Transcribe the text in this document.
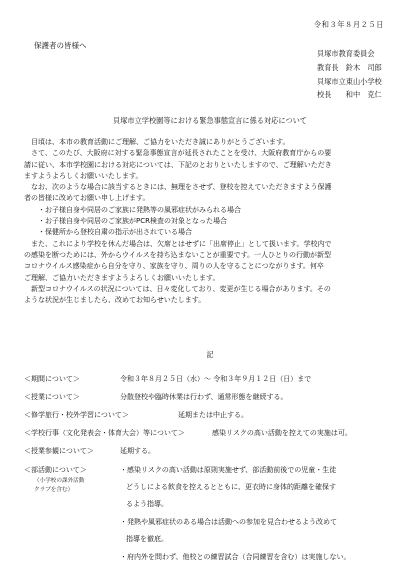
令和３年８月２５日
保護者の皆様へ
貝塚市教育委員会
教育長　鈴木　司郎
貝塚市立東山小学校
校長　　和中　克仁
貝塚市立学校園等における緊急事態宣言に係る対応について

目頃は、本市の教育活動にご理解、ご協力をいただき誠にありがとうございます。

さて、このたび、大阪府に対する緊急事態宣言が延長されたことを受け、大阪府教育庁からの要

請に従い、本市学校園における対応については、下記のとおりといたしますので、ご理解いただき

ますようよろしくお願いいたします。

なお、次のような場合に該当するときには、無理をさせず、登校を控えていただきますよう保護

者の皆様に改めてお願い申し上げます。

・お子様自身や同居のご家族に発熱等の風邪症状がみられる場合

・お子様自身や同居のご家族がPCR検査の対象となった場合

・保健所から登校自粛の指示が出されている場合

また、これにより学校を休んだ場合は、欠席とはせずに「出席停止」として扱います。学校内で

の感染を断つためには、外からウイルスを持ち込まないことが重要です。一人ひとりの行動が新型

コロナウイルス感染症から自分を守り、家族を守り、周りの人を守ることにつながります。何卒

ご理解、ご協力いただきますようよろしくお願いいたします。

新型コロナウイルスの状況については、日々変化しており、変更が生じる場合があります。その

ような状況が生じましたら、改めてお知らせいたします。

記
＜期間について＞	令和３年８月２５日（水）～ 令和３年９月１２日（日）まで
＜授業について＞	分散登校や臨時休業は行わず、通常形態を継続する。
＜修学旅行・校外学習について＞	延期または中止する。
＜学校行事（文化発表会・体育大会）等について＞	感染リスクの高い活動を控えての実施は可。
＜授業参観について＞	延期する。
＜部活動について＞
（小学校の課外活動
クラブを含む）
・感染リスクの高い活動は原則実施せず、部活動前後での児童・生徒
どうしによる飲食を控えるとともに、更衣時に身体的距離を確保す
るよう指導。
・発熱や風邪症状のある場合は活動への参加を見合わせるよう改めて
指導を徹底。
・府内外を問わず、他校との練習試合（合同練習を含む）は実施しない。
